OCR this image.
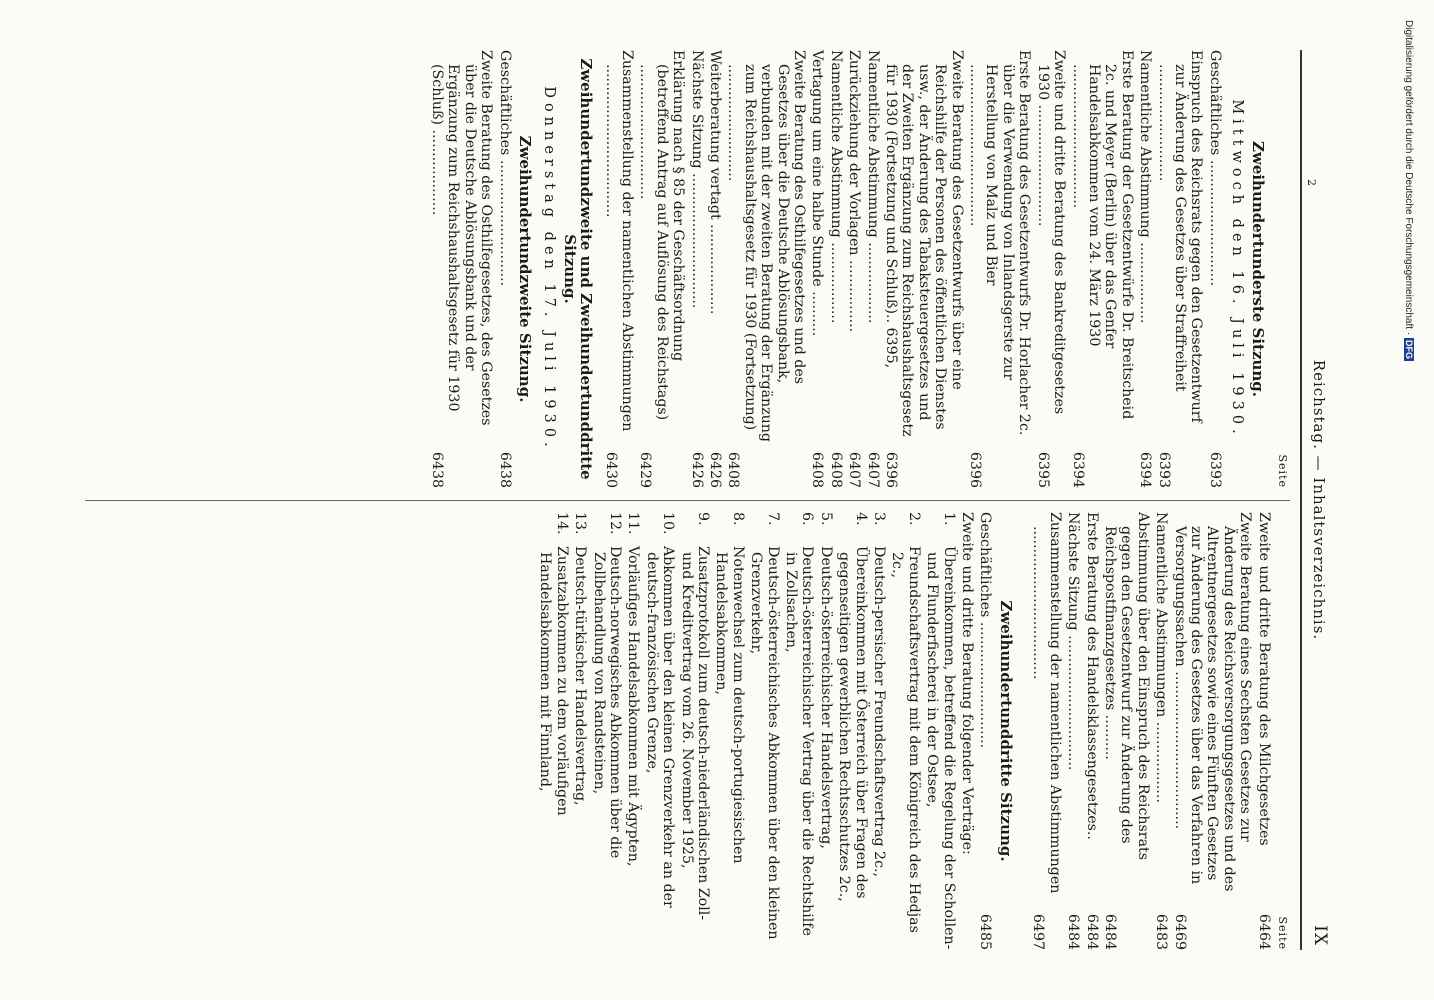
Reichstag. — Inhaltsverzeichnis.
IX
Seite
Zweihundertunderste Sitzung.
Mittwoch den 16. Juli 1930.
Geschäftliches ............................
6393
Einspruch des Reichsrats gegen den Gesetzentwurf zur Änderung des Gesetzes über Straffreiheit ..........................
6393
Namentliche Abstimmung ..................
6394
Erste Beratung der Gesetzentwürfe Dr. Breitscheid 2c. und Meyer (Berlin) über das Genfer Handelsabkommen vom 24. März 1930 ................................
6394
Zweite und dritte Beratung des Bankreditgesetzes 1930 ...........................
6395
Erste Beratung des Gesetzentwurfs Dr. Horlacher 2c. über die Verwendung von Inlandsgerste zur Herstellung von Malz und Bier ....................................
6396
Zweite Beratung des Gesetzentwurfs über eine Reichshilfe der Personen des öffentlichen Dienstes usw., der Änderung des Tabaksteuergesetzes und der Zweiten Ergänzung zum Reichshaushaltsgesetz für 1930 (Fortsetzung und Schluß).. 6395,
6396
Namentliche Abstimmung ..................
6407
Zurückziehung der Vorlagen ................
6407
Namentliche Abstimmung ..................
6408
Vertagung um eine halbe Stunde ..........
6408
Zweite Beratung des Osthilfegesetzes und des Gesetzes über die Deutsche Ablösungsbank, verbunden mit der zweiten Beratung der Ergänzung zum Reichshaushaltsgesetz für 1930 (Fortsetzung) ..........................
6408
Weiterberatung vertagt ....................
6426
Nächste Sitzung ..............................
6426
Erklärung nach § 85 der Geschäftsordnung (betreffend Antrag auf Auflösung des Reichstags) ..............................
6429
Zusammenstellung der namentlichen Abstimmungen ..................................
6430
Zweihundertundzweite und Zweihundertunddritte Sitzung.
Donnerstag den 17. Juli 1930.
Zweihundertundzweite Sitzung.
Geschäftliches ............................
6438
Zweite Beratung des Osthilfegesetzes, des Gesetzes über die Deutsche Ablösungsbank und der Ergänzung zum Reichshaushaltsgesetz für 1930 (Schluß) ...................
6438
Seite
Zweite und dritte Beratung des Milchgesetzes
6464
Zweite Beratung eines Sechsten Gesetzes zur Änderung des Reichsversorgungsgesetzes und des Altrentnergesetzes sowie eines Fünften Gesetzes zur Änderung des Gesetzes über das Verfahren in Versorgungssachen ...................................
6469
Namentliche Abstimmungen ..................
6483
Abstimmung über den Einspruch des Reichsrats gegen den Gesetzentwurf zur Änderung des Reichspostfinanzgesetzes ..........
6484
Erste Beratung des Handelsklassengesetzes..
6484
Nächste Sitzung ..............................
6484
Zusammenstellung der namentlichen Abstimmungen ..................................
6497
Zweihundertunddritte Sitzung.
Geschäftliches ............................
6485
Zweite und dritte Beratung folgender Verträge:
1.Übereinkommen, betreffend die Regelung der Schollen- und Flunderfischerei in der Ostsee,
2.Freundschaftsvertrag mit dem Königreich des Hedjas 2c.,
3.Deutsch-persischer Freundschaftsvertrag 2c.,
4.Übereinkommen mit Österreich über Fragen des gegenseitigen gewerblichen Rechtsschutzes 2c.,
5.Deutsch-österreichischer Handelsvertrag,
6.Deutsch-österreichischer Vertrag über die Rechtshilfe in Zollsachen,
7.Deutsch-österreichisches Abkommen über den kleinen Grenzverkehr,
8.Notenwechsel zum deutsch-portugiesischen Handelsabkommen,
9.Zusatzprotokoll zum deutsch-niederländischen Zoll- und Kreditvertrag vom 26. November 1925,
10.Abkommen über den kleinen Grenzverkehr an der deutsch-französischen Grenze,
11.Vorläufiges Handelsabkommen mit Ägypten,
12.Deutsch-norwegisches Abkommen über die Zollbehandlung von Randsteinen,
13.Deutsch-türkischer Handelsvertrag,
14.Zusatzabkommen zu dem vorläufigen Handelsabkommen mit Finnland,
Digitalisierung gefördert durch die Deutsche Forschungsgemeinschaft · DFG
2
